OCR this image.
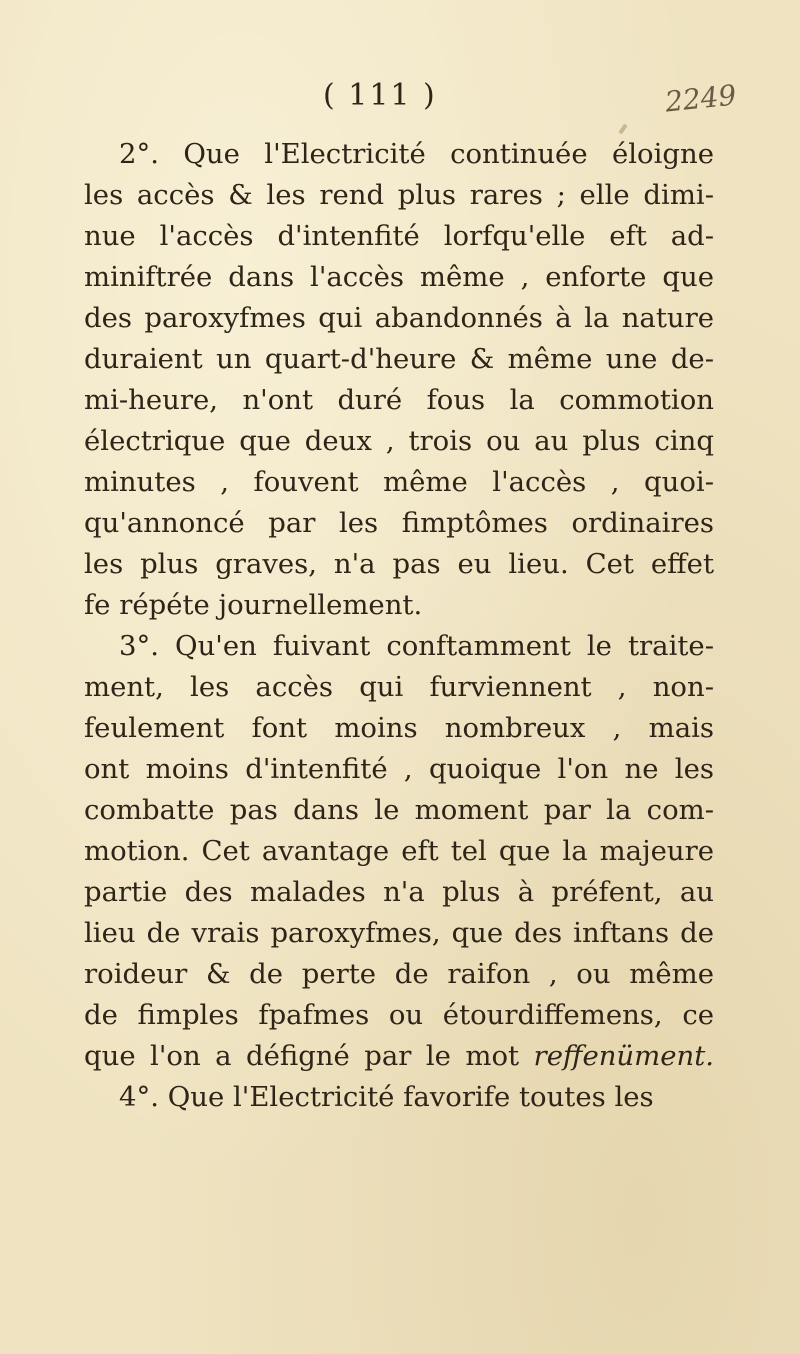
( 111 )	2249
2°. Que l'Electricité continuée éloigne
les accès & les rend plus rares ; elle dimi-
nue l'accès d'intenfité lorfqu'elle eft ad-
miniftrée dans l'accès même , enforte que
des paroxyfmes qui abandonnés à la nature
duraient un quart-d'heure & même une de-
mi-heure, n'ont duré fous la commotion
électrique que deux , trois ou au plus cinq
minutes , fouvent même l'accès , quoi-
qu'annoncé par les fimptômes ordinaires
les plus graves, n'a pas eu lieu. Cet effet
fe répéte journellement.
3°. Qu'en fuivant conftamment le traite-
ment, les accès qui furviennent , non-
feulement font moins nombreux , mais
ont moins d'intenfité , quoique l'on ne les
combatte pas dans le moment par la com-
motion. Cet avantage eft tel que la majeure
partie des malades n'a plus à préfent, au
lieu de vrais paroxyfmes, que des inftans de
roideur & de perte de raifon , ou même
de fimples fpafmes ou étourdiffemens, ce
que l'on a défigné par le mot reffenüment.
4°. Que l'Electricité favorife toutes les
